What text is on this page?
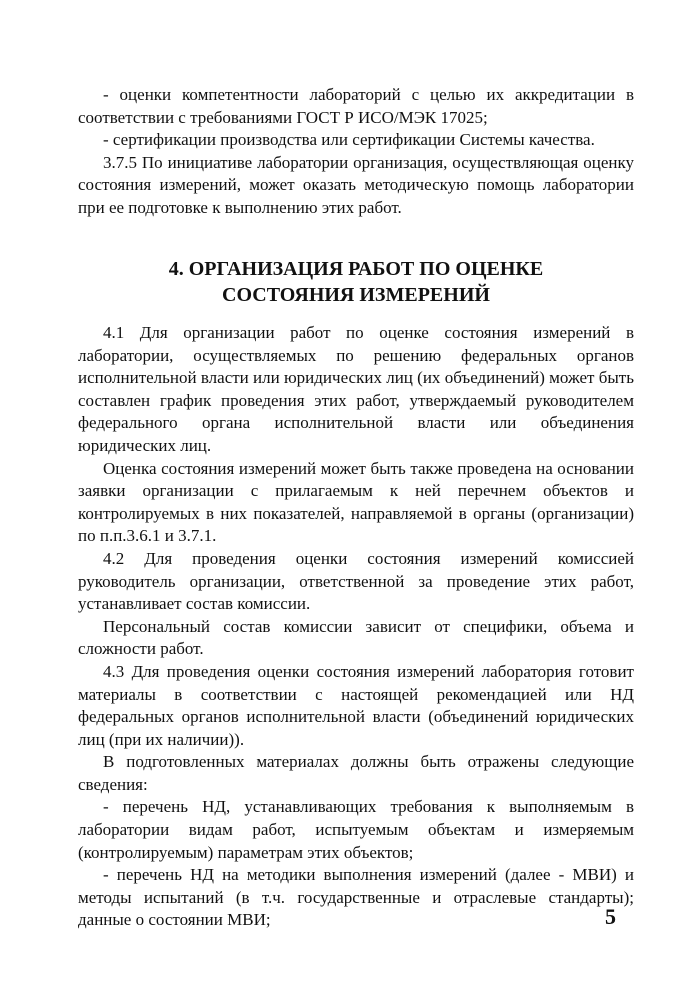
- оценки компетентности лабораторий с целью их аккредитации в соответствии с требованиями ГОСТ Р ИСО/МЭК 17025;

- сертификации производства или сертификации Системы качества.

3.7.5 По инициативе лаборатории организация, осуществляющая оценку состояния измерений, может оказать методическую помощь лаборатории при ее подготовке к выполнению этих работ.

4. ОРГАНИЗАЦИЯ РАБОТ ПО ОЦЕНКЕ
СОСТОЯНИЯ ИЗМЕРЕНИЙ

4.1 Для организации работ по оценке состояния измерений в лаборатории, осуществляемых по решению федеральных органов исполнительной власти или юридических лиц (их объединений) может быть составлен график проведения этих работ, утверждаемый руководителем федерального органа исполнительной власти или объединения юридических лиц.

Оценка состояния измерений может быть также проведена на основании заявки организации с прилагаемым к ней перечнем объектов и контролируемых в них показателей, направляемой в органы (организации) по п.п.3.6.1 и 3.7.1.

4.2 Для проведения оценки состояния измерений комиссией руководитель организации, ответственной за проведение этих работ, устанавливает состав комиссии.

Персональный состав комиссии зависит от специфики, объема и сложности работ.

4.3 Для проведения оценки состояния измерений лаборатория готовит материалы в соответствии с настоящей рекомендацией или НД федеральных органов исполнительной власти (объединений юридических лиц (при их наличии)).

В подготовленных материалах должны быть отражены следующие сведения:

- перечень НД, устанавливающих требования к выполняемым в лаборатории видам работ, испытуемым объектам и измеряемым (контролируемым) параметрам этих объектов;

- перечень НД на методики выполнения измерений (далее - МВИ) и методы испытаний (в т.ч. государственные и отраслевые стандарты); данные о состоянии МВИ;	5
